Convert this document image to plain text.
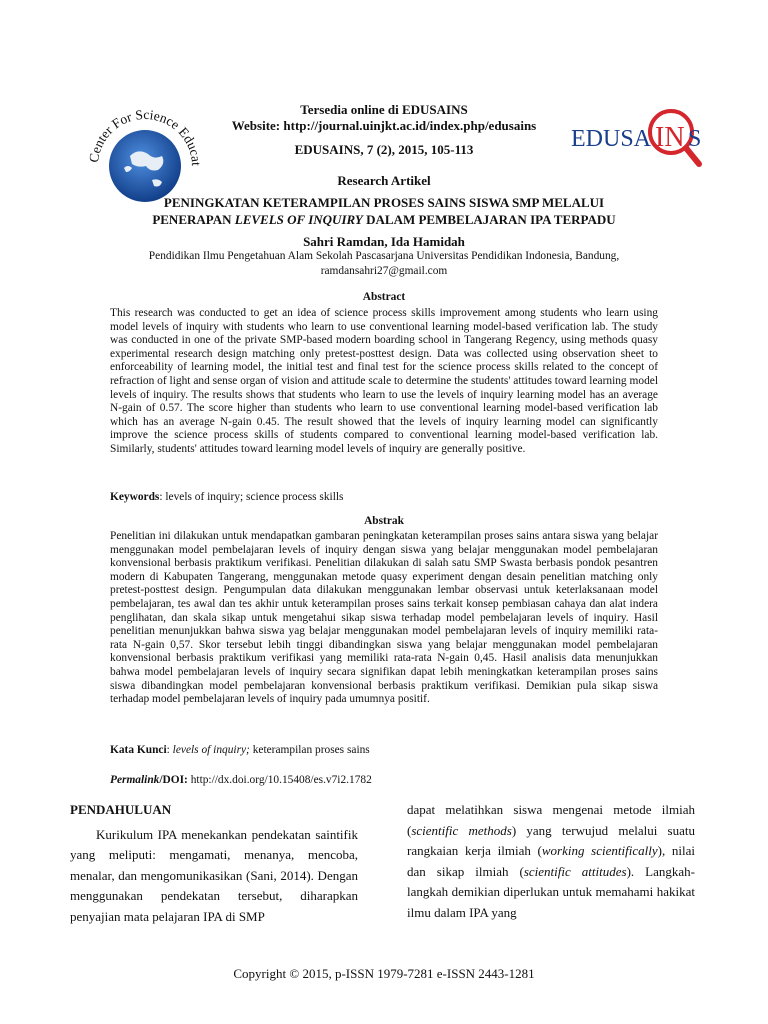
Center For Science Educat
Tersedia online di EDUSAINS
Website: http://journal.uinjkt.ac.id/index.php/edusains
EDUSAINS, 7 (2), 2015, 105-113	EDUSA IN S
Research Artikel
PENINGKATAN KETERAMPILAN PROSES SAINS SISWA SMP MELALUI
PENERAPAN LEVELS OF INQUIRY DALAM PEMBELAJARAN IPA TERPADU
Sahri Ramdan, Ida Hamidah
Pendidikan Ilmu Pengetahuan Alam Sekolah Pascasarjana Universitas Pendidikan Indonesia, Bandung,
ramdansahri27@gmail.com
Abstract
This research was conducted to get an idea of science process skills improvement among students who learn using model levels of inquiry with students who learn to use conventional learning model-based verification lab. The study was conducted in one of the private SMP-based modern boarding school in Tangerang Regency, using methods quasy experimental research design matching only pretest-posttest design. Data was collected using observation sheet to enforceability of learning model, the initial test and final test for the science process skills related to the concept of refraction of light and sense organ of vision and attitude scale to determine the students' attitudes toward learning model levels of inquiry. The results shows that students who learn to use the levels of inquiry learning model has an average N-gain of 0.57. The score higher than students who learn to use conventional learning model-based verification lab which has an average N-gain 0.45. The result showed that the levels of inquiry learning model can significantly improve the science process skills of students compared to conventional learning model-based verification lab. Similarly, students' attitudes toward learning model levels of inquiry are generally positive.
Keywords: levels of inquiry; science process skills
Abstrak
Penelitian ini dilakukan untuk mendapatkan gambaran peningkatan keterampilan proses sains antara siswa yang belajar menggunakan model pembelajaran levels of inquiry dengan siswa yang belajar menggunakan model pembelajaran konvensional berbasis praktikum verifikasi. Penelitian dilakukan di salah satu SMP Swasta berbasis pondok pesantren modern di Kabupaten Tangerang, menggunakan metode quasy experiment dengan desain penelitian matching only pretest-posttest design. Pengumpulan data dilakukan menggunakan lembar observasi untuk keterlaksanaan model pembelajaran, tes awal dan tes akhir untuk keterampilan proses sains terkait konsep pembiasan cahaya dan alat indera penglihatan, dan skala sikap untuk mengetahui sikap siswa terhadap model pembelajaran levels of inquiry. Hasil penelitian menunjukkan bahwa siswa yag belajar menggunakan model pembelajaran levels of inquiry memiliki rata-rata N-gain 0,57. Skor tersebut lebih tinggi dibandingkan siswa yang belajar menggunakan model pembelajaran konvensional berbasis praktikum verifikasi yang memiliki rata-rata N-gain 0,45. Hasil analisis data menunjukkan bahwa model pembelajaran levels of inquiry secara signifikan dapat lebih meningkatkan keterampilan proses sains siswa dibandingkan model pembelajaran konvensional berbasis praktikum verifikasi. Demikian pula sikap siswa terhadap model pembelajaran levels of inquiry pada umumnya positif.
Kata Kunci: levels of inquiry; keterampilan proses sains
Permalink/DOI: http://dx.doi.org/10.15408/es.v7i2.1782

PENDAHULUAN

Kurikulum IPA menekankan pendekatan saintifik yang meliputi: mengamati, menanya, mencoba, menalar, dan mengomunikasikan (Sani, 2014). Dengan menggunakan pendekatan tersebut, diharapkan penyajian mata pelajaran IPA di SMP

dapat melatihkan siswa mengenai metode ilmiah (scientific methods) yang terwujud melalui suatu rangkaian kerja ilmiah (working scientifically), nilai dan sikap ilmiah (scientific attitudes). Langkah-langkah demikian diperlukan untuk memahami hakikat ilmu dalam IPA yang

Copyright © 2015, p-ISSN 1979-7281 e-ISSN 2443-1281
